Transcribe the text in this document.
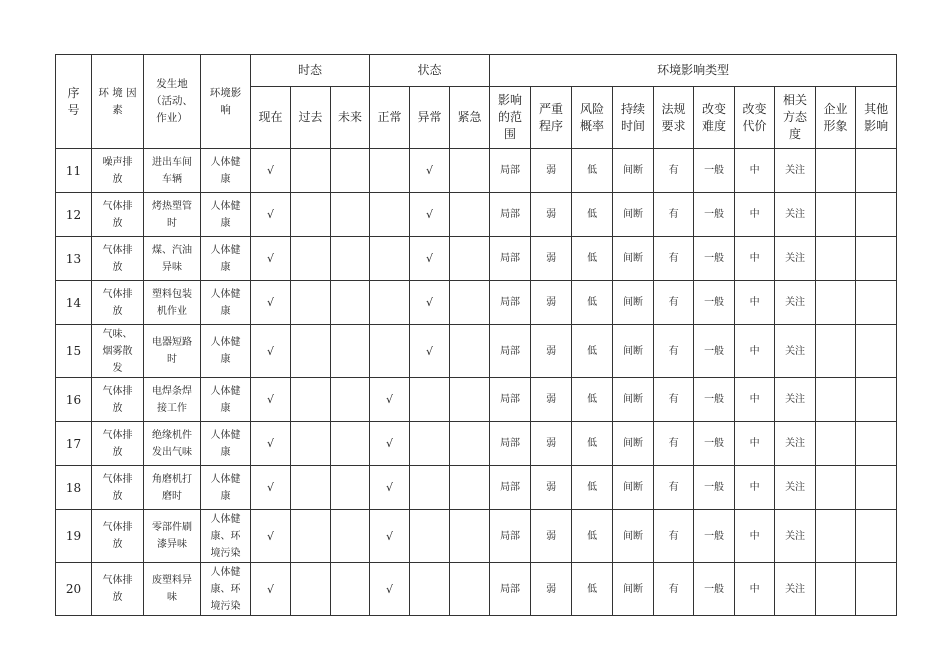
序
号	环 境 因
素	发生地
（活动、
作业）	环境影
响	时态			状态			环境影响类型									
				现在	过去	未来	正常	异常	紧急	影响
的范
围	严重
程序	风险
概率	持续
时间	法规
要求	改变
难度	改变
代价	相关
方态
度	企业
形象	其他
影响
11	噪声排
放	进出车间
车辆	人体健
康	√				√		局部	弱	低	间断	有	一般	中	关注		
12	气体排
放	烤热塑管
时	人体健
康	√				√		局部	弱	低	间断	有	一般	中	关注		
13	气体排
放	煤、汽油
异味	人体健
康	√				√		局部	弱	低	间断	有	一般	中	关注		
14	气体排
放	塑料包装
机作业	人体健
康	√				√		局部	弱	低	间断	有	一般	中	关注		
15	气味、
烟雾散
发	电器短路
时	人体健
康	√				√		局部	弱	低	间断	有	一般	中	关注		
16	气体排
放	电焊条焊
接工作	人体健
康	√			√			局部	弱	低	间断	有	一般	中	关注		
17	气体排
放	绝缘机件
发出气味	人体健
康	√			√			局部	弱	低	间断	有	一般	中	关注		
18	气体排
放	角磨机打
磨时	人体健
康	√			√			局部	弱	低	间断	有	一般	中	关注		
19	气体排
放	零部件刷
漆异味	人体健
康、环
境污染	√			√			局部	弱	低	间断	有	一般	中	关注		
20	气体排
放	废塑料异
味	人体健
康、环
境污染	√			√			局部	弱	低	间断	有	一般	中	关注		
